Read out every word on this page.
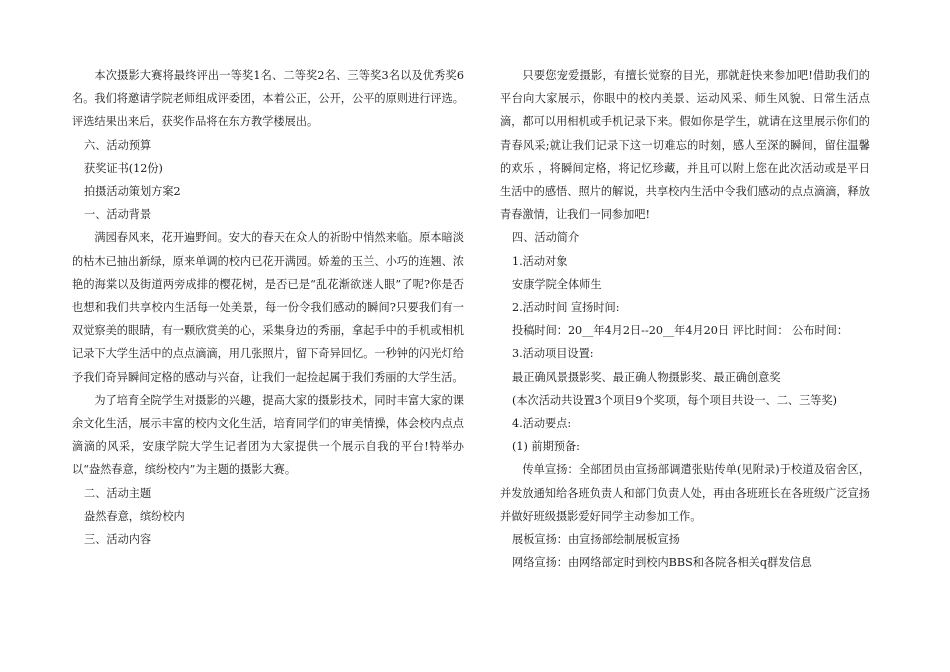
本次摄影大赛将最终评出一等奖1名、二等奖2名、三等奖3名以及优秀奖6名。我们将邀请学院老师组成评委团，本着公正，公开，公平的原则进行评选。评选结果出来后，获奖作品将在东方教学楼展出。

六、活动预算

获奖证书(12份)

拍摄活动策划方案2

一、活动背景

满园春风来，花开遍野间。安大的春天在众人的祈盼中悄然来临。原本暗淡的枯木已抽出新绿，原来单调的校内已花开满园。娇羞的玉兰、小巧的连翘、浓艳的海棠以及街道两旁成排的樱花树，是否已是“乱花渐欲迷人眼”了呢?你是否也想和我们共享校内生活每一处美景，每一份令我们感动的瞬间?只要我们有一双觉察美的眼睛，有一颗欣赏美的心，采集身边的秀丽，拿起手中的手机或相机记录下大学生活中的点点滴滴，用几张照片，留下奇异回忆。一秒钟的闪光灯给予我们奇异瞬间定格的感动与兴奋，让我们一起捡起属于我们秀丽的大学生活。

为了培育全院学生对摄影的兴趣，提高大家的摄影技术，同时丰富大家的课余文化生活，展示丰富的校内文化生活，培育同学们的审美情操，体会校内点点滴滴的风采，安康学院大学生记者团为大家提供一个展示自我的平台!特举办以“盎然春意，缤纷校内”为主题的摄影大赛。

二、活动主题

盎然春意，缤纷校内

三、活动内容

只要您宠爱摄影，有擅长觉察的目光，那就赶快来参加吧!借助我们的平台向大家展示，你眼中的校内美景、运动风采、师生风貌、日常生活点滴，都可以用相机或手机记录下来。假如你是学生，就请在这里展示你们的青春风采;就让我们记录下这一切难忘的时刻，感人至深的瞬间，留住温馨的欢乐 ，将瞬间定格，将记忆珍藏，并且可以附上您在此次活动或是平日生活中的感悟、照片的解说，共享校内生活中令我们感动的点点滴滴，释放青春激情，让我们一同参加吧!

四、活动简介

1.活动对象

安康学院全体师生

2.活动时间 宣扬时间:

投稿时间：20__年4月2日--20__年4月20日 评比时间： 公布时间：

3.活动项目设置:

最正确风景摄影奖、最正确人物摄影奖、最正确创意奖

(本次活动共设置3个项目9个奖项，每个项目共设一、二、三等奖)

4.活动要点:

(1) 前期预备:

传单宣扬：全部团员由宣扬部调遣张贴传单(见附录)于校道及宿舍区，并发放通知给各班负责人和部门负责人处，再由各班班长在各班级广泛宣扬并做好班级摄影爱好同学主动参加工作。

展板宣扬：由宣扬部绘制展板宣扬

网络宣扬：由网络部定时到校内BBS和各院各相关q群发信息
